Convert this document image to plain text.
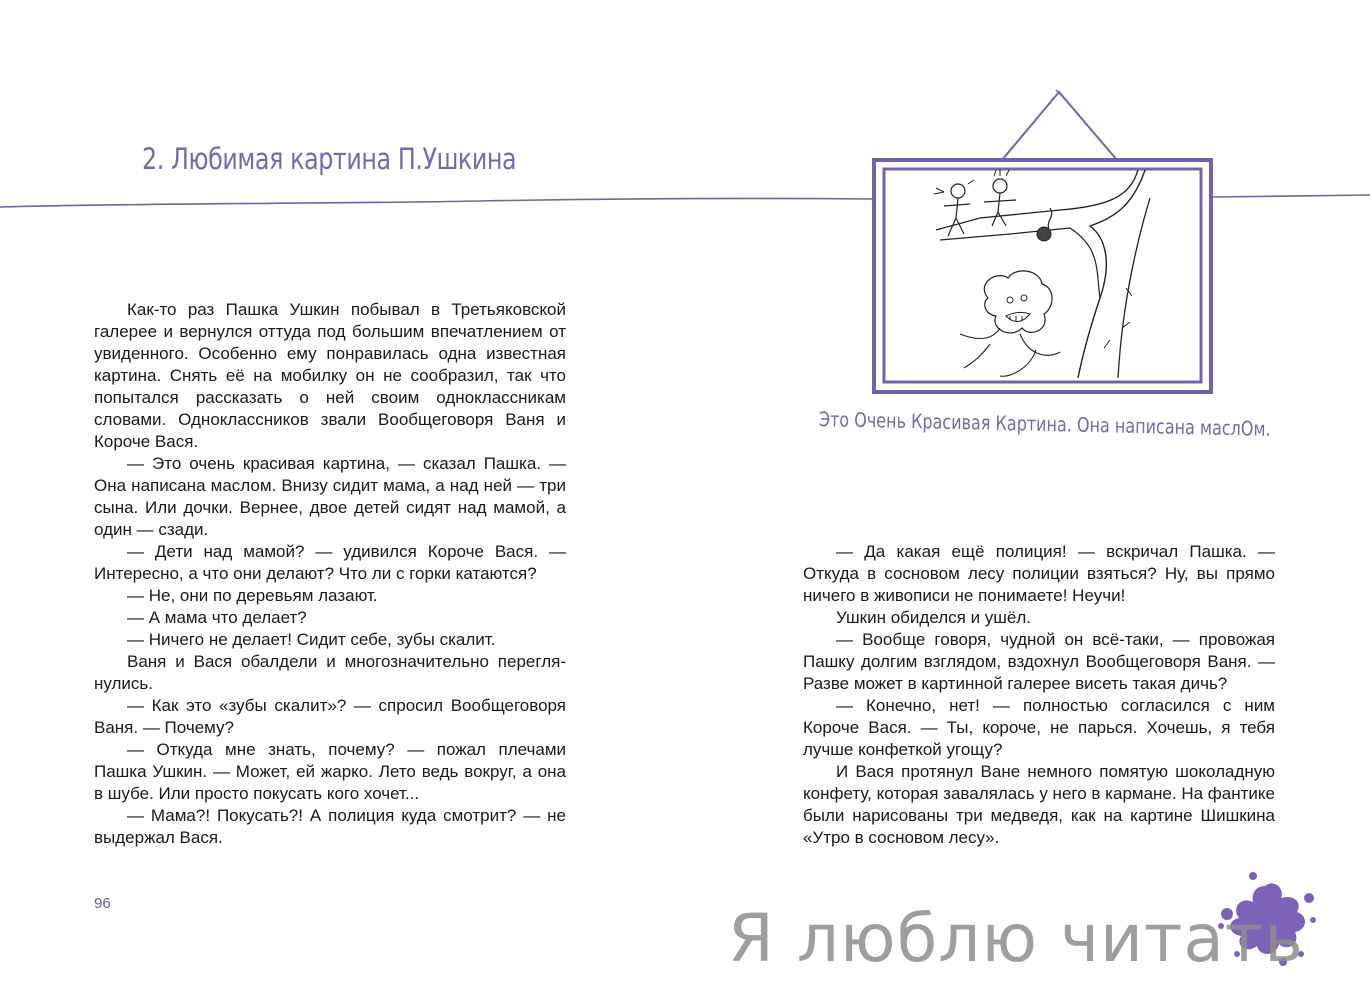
2. Любимая картина П.Ушкина

Как-то раз Пашка Ушкин побывал в Третьяковской галерее и вернулся оттуда под большим впечатлением от увиденного. Особенно ему понравилась одна известная картина. Снять её на мобилку он не сообразил, так что попытался рассказать о ней своим одноклассникам словами. Одноклассников звали Вообщеговоря Ваня и Короче Вася.

— Это очень красивая картина, — сказал Пашка. — Она написана маслом. Внизу сидит мама, а над ней — три сына. Или дочки. Вернее, двое детей сидят над мамой, а один — сзади.

— Дети над мамой? — удивился Короче Вася. — Интересно, а что они делают? Что ли с горки катаются?

— Не, они по деревьям лазают.

— А мама что делает?

— Ничего не делает! Сидит себе, зубы скалит.

Ваня и Вася обалдели и многозначительно переглянулись.

— Как это «зубы скалит»? — спросил Вообщеговоря Ваня. — Почему?

— Откуда мне знать, почему? — пожал плечами Пашка Ушкин. — Может, ей жарко. Лето ведь вокруг, а она в шубе. Или просто покусать кого хочет...

— Мама?! Покусать?! А полиция куда смотрит? — не выдержал Вася.

Это Очень Красивая Картина. Она написана маслОм.

— Да какая ещё полиция! — вскричал Пашка. — Откуда в сосновом лесу полиции взяться? Ну, вы прямо ничего в живописи не понимаете! Неучи!

Ушкин обиделся и ушёл.

— Вообще говоря, чудной он всё-таки, — провожая Пашку долгим взглядом, вздохнул Вообщеговоря Ваня. — Разве может в картинной галерее висеть такая дичь?

— Конечно, нет! — полностью согласился с ним Короче Вася. — Ты, короче, не парься. Хочешь, я тебя лучше конфеткой угощу?

И Вася протянул Ване немного помятую шоколадную конфету, которая завалялась у него в кармане. На фантике были нарисованы три медведя, как на картине Шишкина «Утро в сосновом лесу».

96	Я люблю читать
